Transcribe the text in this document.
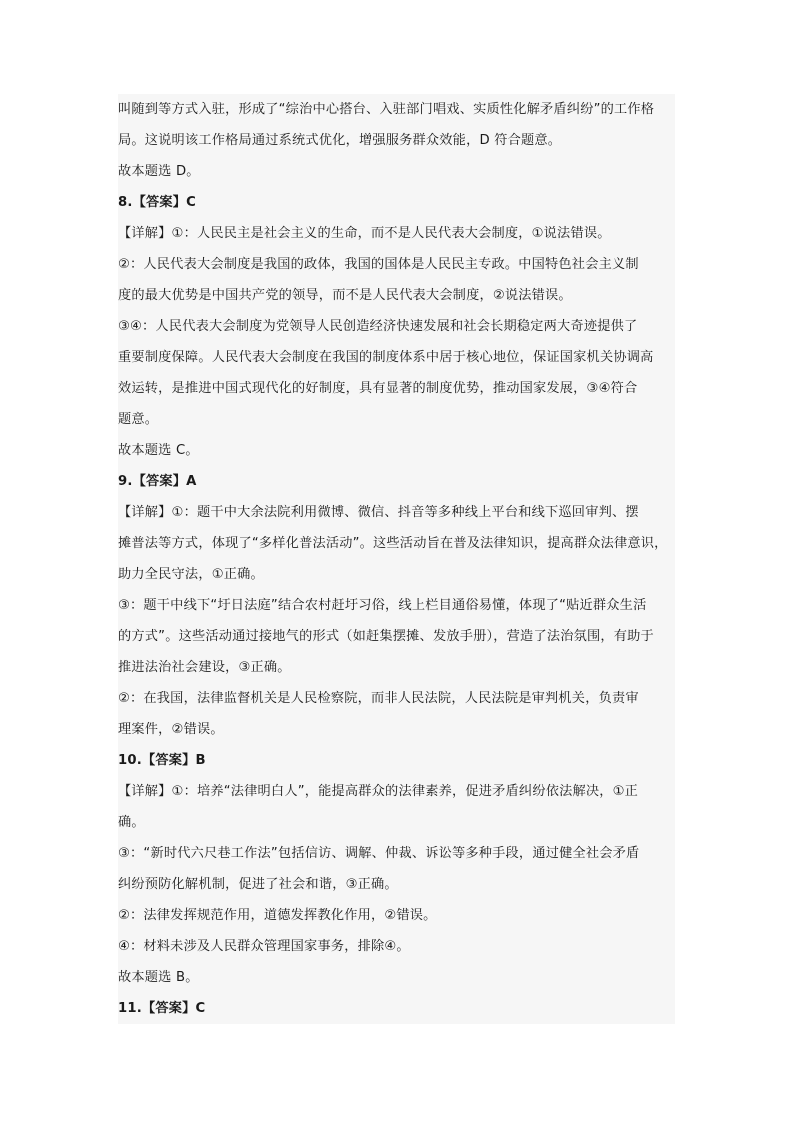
叫随到等方式入驻，形成了“综治中心搭台、入驻部门唱戏、实质性化解矛盾纠纷”的工作格
局。这说明该工作格局通过系统式优化，增强服务群众效能，D 符合题意。
故本题选 D。
8.【答案】C
【详解】①：人民民主是社会主义的生命，而不是人民代表大会制度，①说法错误。
②：人民代表大会制度是我国的政体，我国的国体是人民民主专政。中国特色社会主义制
度的最大优势是中国共产党的领导，而不是人民代表大会制度，②说法错误。
③④：人民代表大会制度为党领导人民创造经济快速发展和社会长期稳定两大奇迹提供了
重要制度保障。人民代表大会制度在我国的制度体系中居于核心地位，保证国家机关协调高
效运转，是推进中国式现代化的好制度，具有显著的制度优势，推动国家发展，③④符合
题意。
故本题选 C。
9.【答案】A
【详解】①：题干中大余法院利用微博、微信、抖音等多种线上平台和线下巡回审判、摆
摊普法等方式，体现了“多样化普法活动”。这些活动旨在普及法律知识，提高群众法律意识，
助力全民守法，①正确。
③：题干中线下“圩日法庭”结合农村赶圩习俗，线上栏目通俗易懂，体现了“贴近群众生活
的方式”。这些活动通过接地气的形式（如赶集摆摊、发放手册），营造了法治氛围，有助于
推进法治社会建设，③正确。
②：在我国，法律监督机关是人民检察院，而非人民法院，人民法院是审判机关，负责审
理案件，②错误。
10.【答案】B
【详解】①：培养“法律明白人”，能提高群众的法律素养，促进矛盾纠纷依法解决，①正
确。
③：“新时代六尺巷工作法”包括信访、调解、仲裁、诉讼等多种手段，通过健全社会矛盾
纠纷预防化解机制，促进了社会和谐，③正确。
②：法律发挥规范作用，道德发挥教化作用，②错误。
④：材料未涉及人民群众管理国家事务，排除④。
故本题选 B。
11.【答案】C
